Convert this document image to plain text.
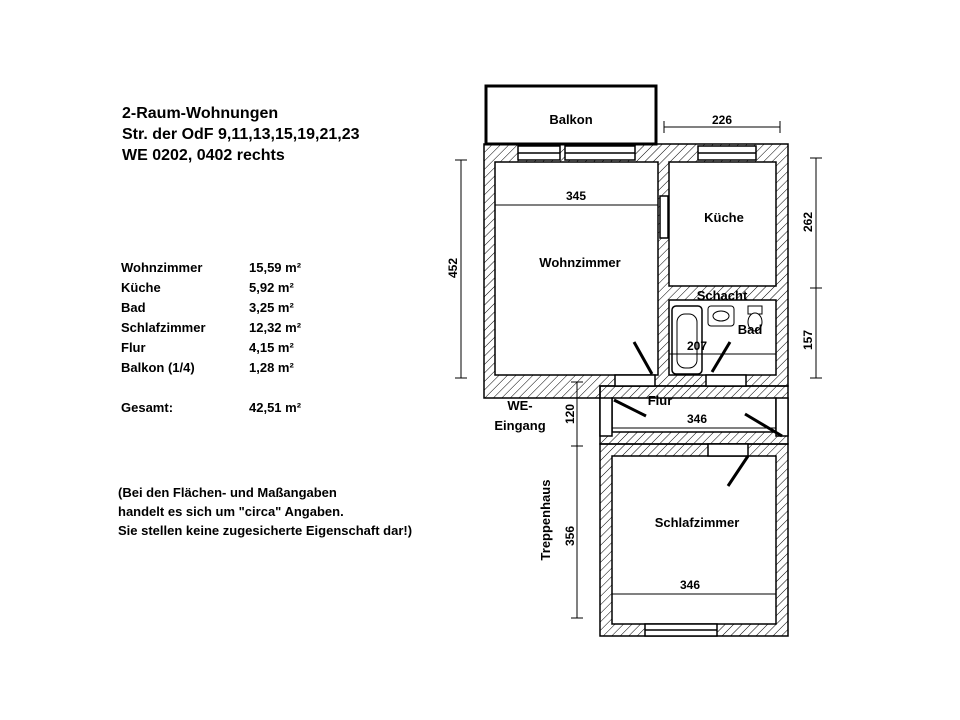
2-Raum-Wohnungen
Str. der OdF 9,11,13,15,19,21,23
WE 0202, 0402 rechts
Wohnzimmer	15,59 m²
Küche	5,92 m²
Bad	3,25 m²
Schlafzimmer	12,32 m²
Flur	4,15 m²
Balkon (1/4)	1,28 m²

Gesamt:	42,51 m²
(Bei den Flächen- und Maßangaben
handelt es sich um "circa" Angaben.
Sie stellen keine zugesicherte Eigenschaft dar!)
Balkon
Wohnzimmer
Küche
Schacht
Bad
Flur
Schlafzimmer
WE-
Eingang
Treppenhaus
226
345
452
262
157
207
120	346
356
346
